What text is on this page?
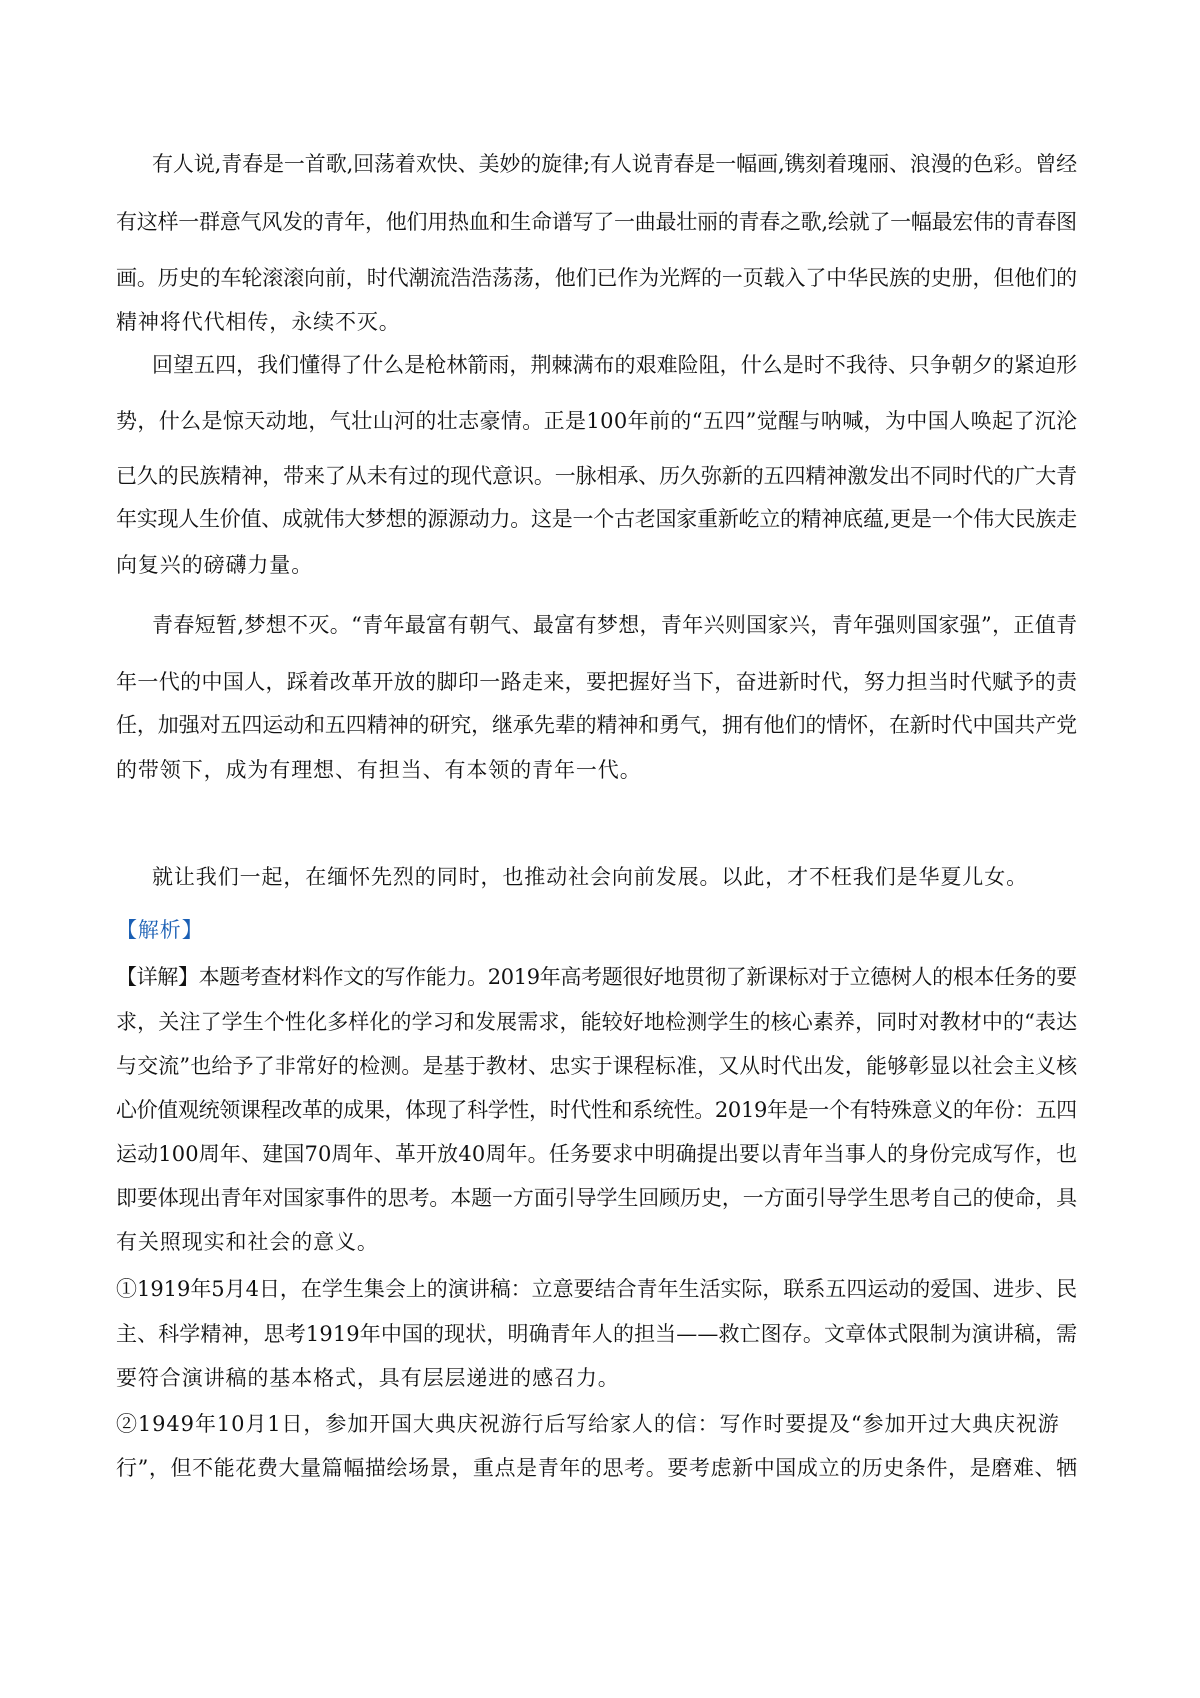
有人说,青春是一首歌,回荡着欢快、美妙的旋律;有人说青春是一幅画,镌刻着瑰丽、浪漫的色彩。曾经
有这样一群意气风发的青年，他们用热血和生命谱写了一曲最壮丽的青春之歌,绘就了一幅最宏伟的青春图
画。历史的车轮滚滚向前，时代潮流浩浩荡荡，他们已作为光辉的一页载入了中华民族的史册，但他们的
精神将代代相传，永续不灭。
回望五四，我们懂得了什么是枪林箭雨，荆棘满布的艰难险阻，什么是时不我待、只争朝夕的紧迫形
势，什么是惊天动地，气壮山河的壮志豪情。正是100年前的“五四”觉醒与呐喊，为中国人唤起了沉沦
已久的民族精神，带来了从未有过的现代意识。一脉相承、历久弥新的五四精神激发出不同时代的广大青
年实现人生价值、成就伟大梦想的源源动力。这是一个古老国家重新屹立的精神底蕴,更是一个伟大民族走
向复兴的磅礴力量。
青春短暂,梦想不灭。“青年最富有朝气、最富有梦想，青年兴则国家兴，青年强则国家强”，正值青
年一代的中国人，踩着改革开放的脚印一路走来，要把握好当下，奋进新时代，努力担当时代赋予的责
任，加强对五四运动和五四精神的研究，继承先辈的精神和勇气，拥有他们的情怀，在新时代中国共产党
的带领下，成为有理想、有担当、有本领的青年一代。
就让我们一起，在缅怀先烈的同时，也推动社会向前发展。以此，才不枉我们是华夏儿女。
【解析】
【详解】本题考查材料作文的写作能力。2019年高考题很好地贯彻了新课标对于立德树人的根本任务的要
求，关注了学生个性化多样化的学习和发展需求，能较好地检测学生的核心素养，同时对教材中的“表达
与交流”也给予了非常好的检测。是基于教材、忠实于课程标准，又从时代出发，能够彰显以社会主义核
心价值观统领课程改革的成果，体现了科学性，时代性和系统性。2019年是一个有特殊意义的年份：五四
运动100周年、建国70周年、革开放40周年。任务要求中明确提出要以青年当事人的身份完成写作，也
即要体现出青年对国家事件的思考。本题一方面引导学生回顾历史，一方面引导学生思考自己的使命，具
有关照现实和社会的意义。
①1919年5月4日，在学生集会上的演讲稿：立意要结合青年生活实际，联系五四运动的爱国、进步、民
主、科学精神，思考1919年中国的现状，明确青年人的担当——救亡图存。文章体式限制为演讲稿，需
要符合演讲稿的基本格式，具有层层递进的感召力。
②1949年10月1日，参加开国大典庆祝游行后写给家人的信：写作时要提及“参加开过大典庆祝游
行”，但不能花费大量篇幅描绘场景，重点是青年的思考。要考虑新中国成立的历史条件，是磨难、牺
